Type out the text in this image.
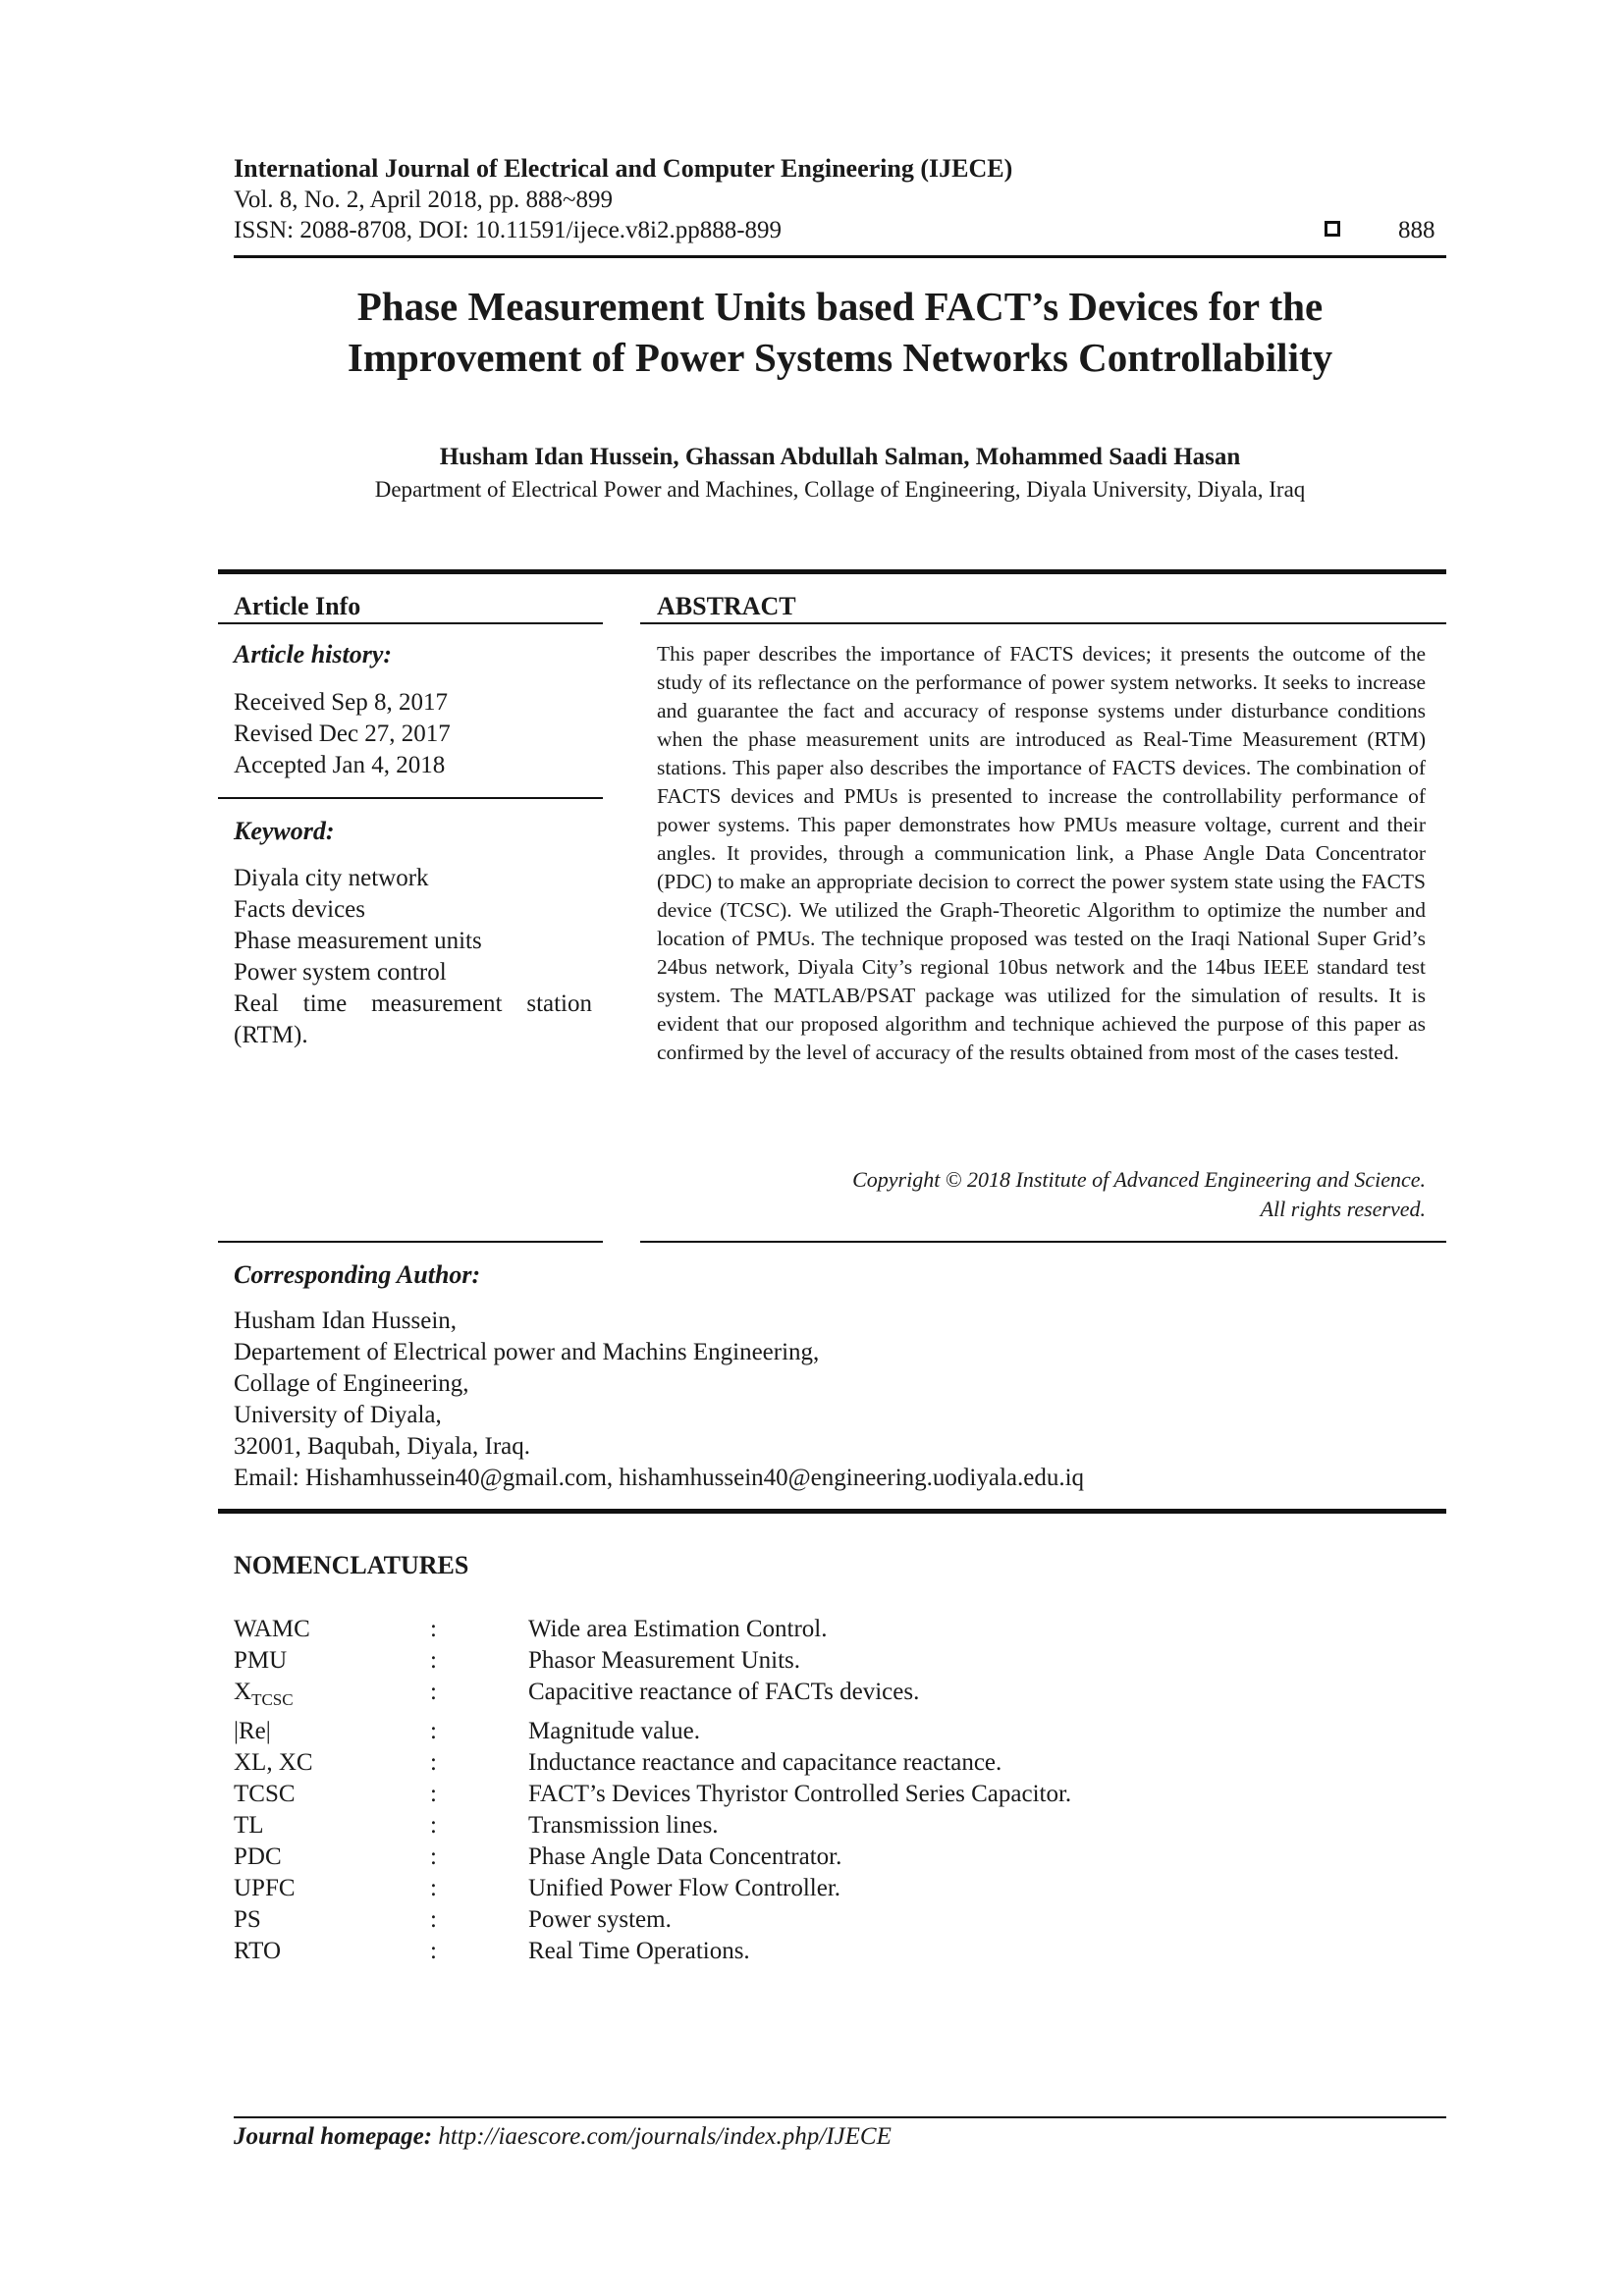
International Journal of Electrical and Computer Engineering (IJECE)
Vol. 8, No. 2, April 2018, pp. 888~899
ISSN: 2088-8708, DOI: 10.11591/ijece.v8i2.pp888-899	888
Phase Measurement Units based FACT’s Devices for the
Improvement of Power Systems Networks Controllability
Husham Idan Hussein, Ghassan Abdullah Salman, Mohammed Saadi Hasan
Department of Electrical Power and Machines, Collage of Engineering, Diyala University, Diyala, Iraq
Article Info
Article history:
Received Sep 8, 2017
Revised Dec 27, 2017
Accepted Jan 4, 2018
Keyword:
Diyala city network
Facts devices
Phase measurement units
Power system control
Real time measurement station
(RTM).
ABSTRACT
This paper describes the importance of FACTS devices; it presents the outcome of the study of its reflectance on the performance of power system networks. It seeks to increase and guarantee the fact and accuracy of response systems under disturbance conditions when the phase measurement units are introduced as Real-Time Measurement (RTM) stations. This paper also describes the importance of FACTS devices. The combination of FACTS devices and PMUs is presented to increase the controllability performance of power systems. This paper demonstrates how PMUs measure voltage, current and their angles. It provides, through a communication link, a Phase Angle Data Concentrator (PDC) to make an appropriate decision to correct the power system state using the FACTS device (TCSC). We utilized the Graph-Theoretic Algorithm to optimize the number and location of PMUs. The technique proposed was tested on the Iraqi National Super Grid’s 24bus network, Diyala City’s regional 10bus network and the 14bus IEEE standard test system. The MATLAB/PSAT package was utilized for the simulation of results. It is evident that our proposed algorithm and technique achieved the purpose of this paper as confirmed by the level of accuracy of the results obtained from most of the cases tested.
Copyright © 2018 Institute of Advanced Engineering and Science.
All rights reserved.
Corresponding Author:
Husham Idan Hussein,
Departement of Electrical power and Machins Engineering,
Collage of Engineering,
University of Diyala,
32001, Baqubah, Diyala, Iraq.
Email: Hishamhussein40@gmail.com, hishamhussein40@engineering.uodiyala.edu.iq
NOMENCLATURES
WAMC	:	Wide area Estimation Control.
PMU	:	Phasor Measurement Units.
$X_{TCSC}$	:	Capacitive reactance of FACTs devices.
|Re|	:	Magnitude value.
XL, XC	:	Inductance reactance and capacitance reactance.
TCSC	:	FACT’s Devices Thyristor Controlled Series Capacitor.
TL	:	Transmission lines.
PDC	:	Phase Angle Data Concentrator.
UPFC	:	Unified Power Flow Controller.
PS	:	Power system.
RTO	:	Real Time Operations.
Journal homepage: http://iaescore.com/journals/index.php/IJECE
